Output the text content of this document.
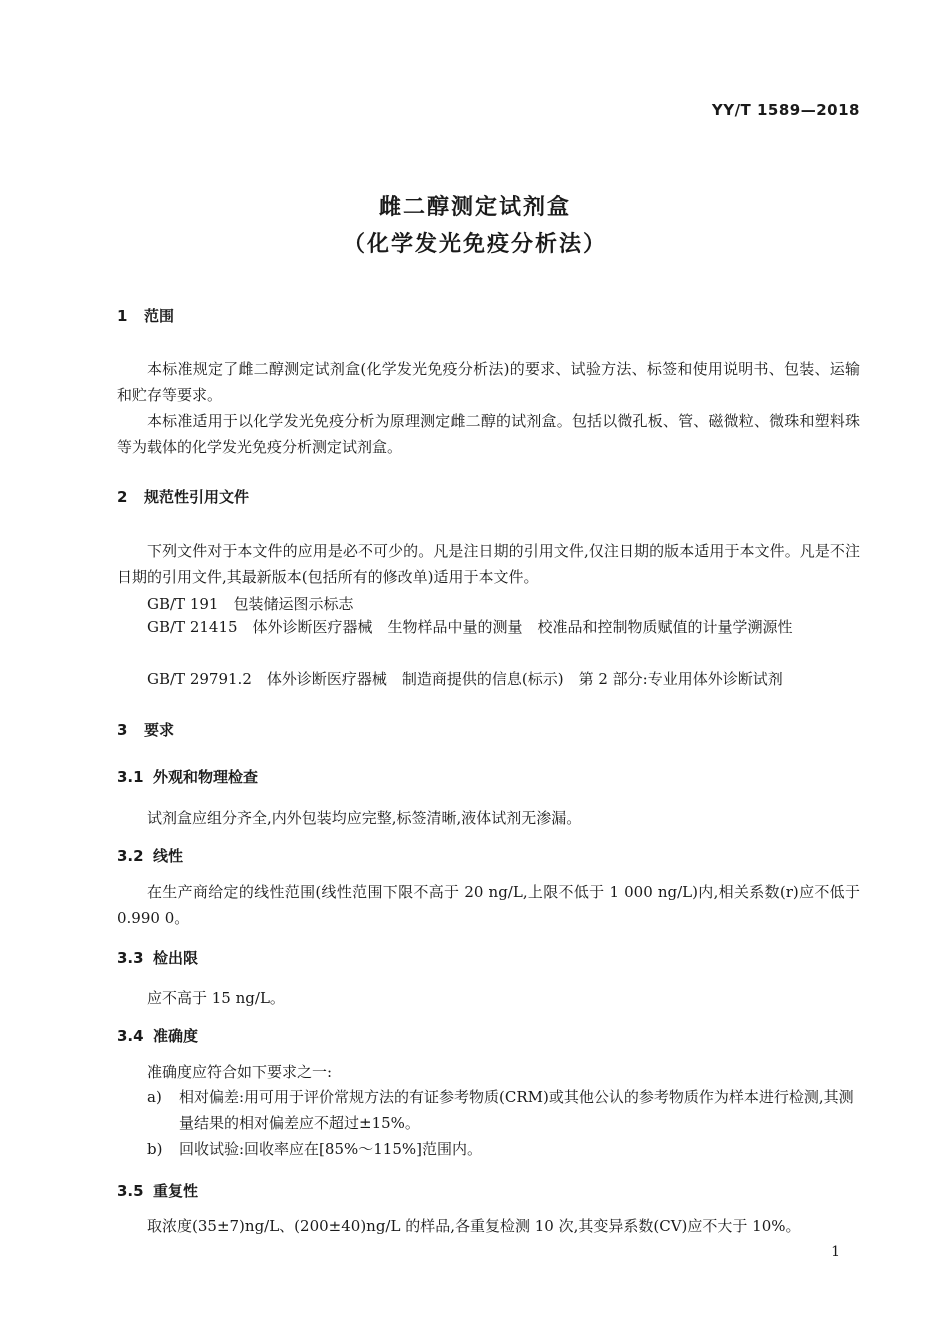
YY/T 1589—2018
雌二醇测定试剂盒
（化学发光免疫分析法）
1 范围
本标准规定了雌二醇测定试剂盒(化学发光免疫分析法)的要求、试验方法、标签和使用说明书、包装、运输和贮存等要求。
本标准适用于以化学发光免疫分析为原理测定雌二醇的试剂盒。包括以微孔板、管、磁微粒、微珠和塑料珠等为载体的化学发光免疫分析测定试剂盒。
2 规范性引用文件
下列文件对于本文件的应用是必不可少的。凡是注日期的引用文件,仅注日期的版本适用于本文件。凡是不注日期的引用文件,其最新版本(包括所有的修改单)适用于本文件。
GB/T 191　包装储运图示标志
GB/T 21415　体外诊断医疗器械　生物样品中量的测量　校准品和控制物质赋值的计量学溯源性
GB/T 29791.2　体外诊断医疗器械　制造商提供的信息(标示)　第 2 部分:专业用体外诊断试剂
3 要求
3.1 外观和物理检查
试剂盒应组分齐全,内外包装均应完整,标签清晰,液体试剂无渗漏。
3.2 线性
在生产商给定的线性范围(线性范围下限不高于 20 ng/L,上限不低于 1 000 ng/L)内,相关系数(r)应不低于 0.990 0。
3.3 检出限
应不高于 15 ng/L。
3.4 准确度
准确度应符合如下要求之一:
a)	相对偏差:用可用于评价常规方法的有证参考物质(CRM)或其他公认的参考物质作为样本进行检测,其测量结果的相对偏差应不超过±15%。
b)	回收试验:回收率应在[85%～115%]范围内。
3.5 重复性
取浓度(35±7)ng/L、(200±40)ng/L 的样品,各重复检测 10 次,其变异系数(CV)应不大于 10%。
1
